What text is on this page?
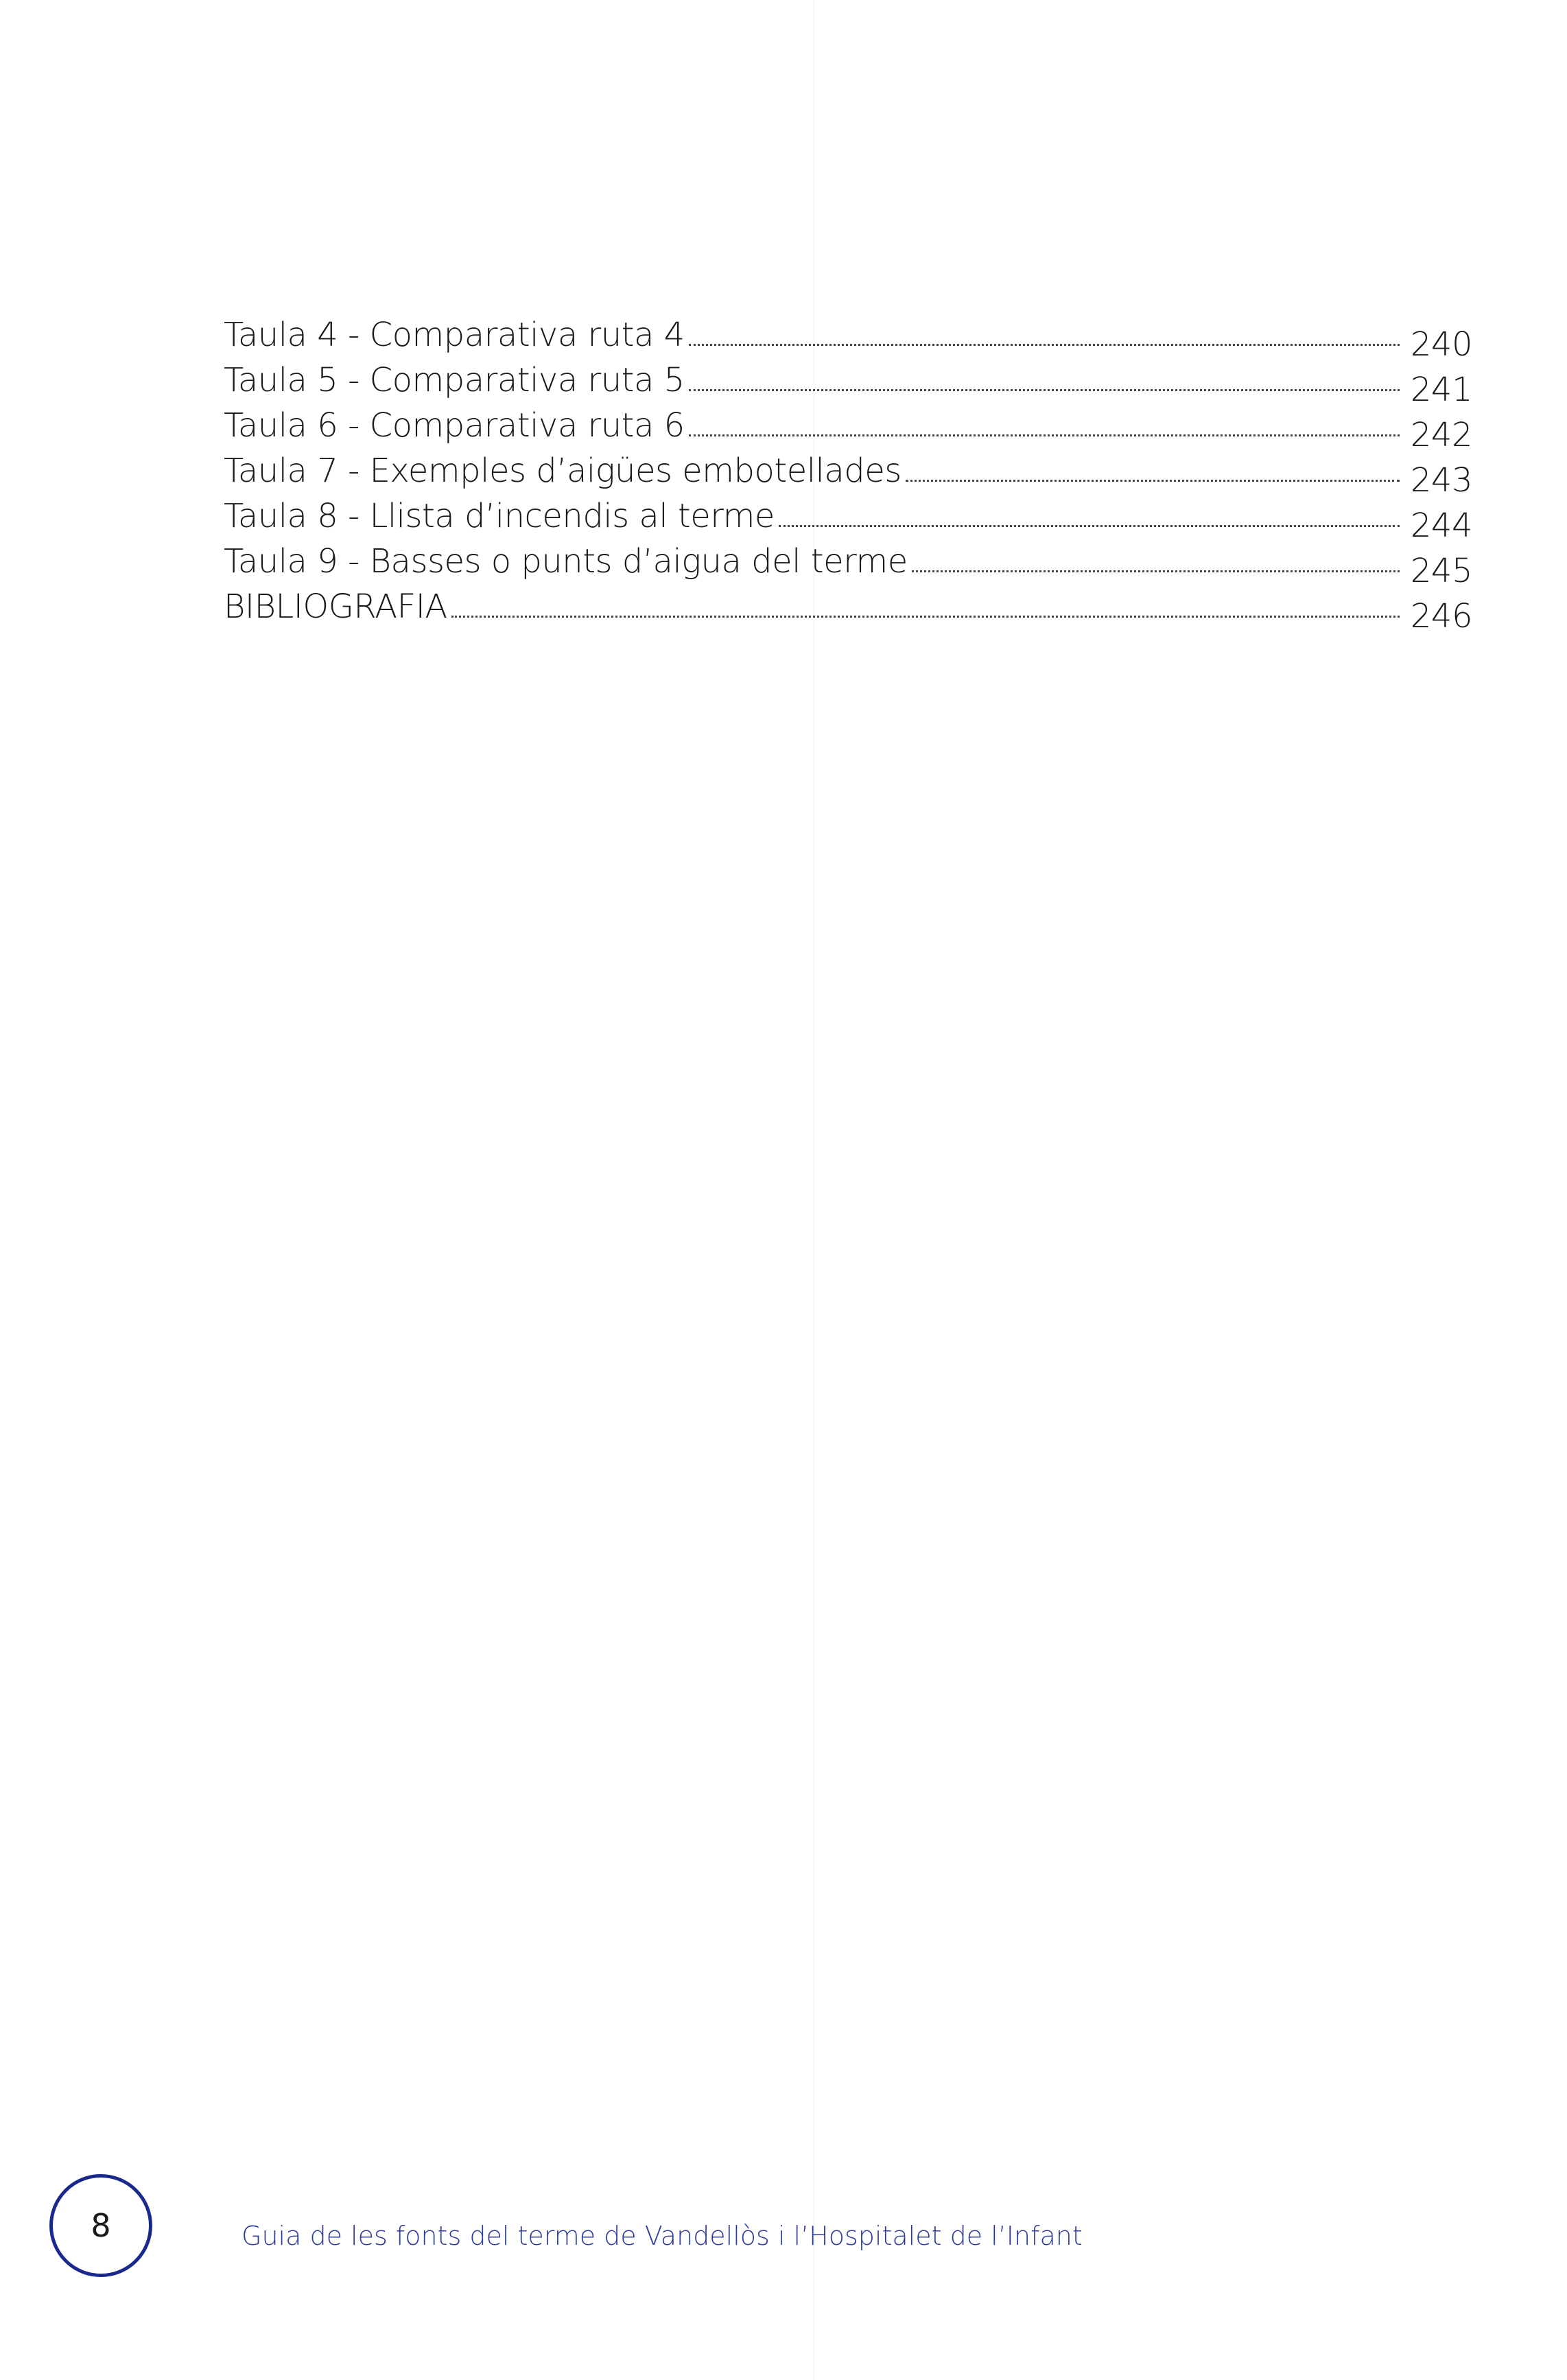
Taula 4 - Comparativa ruta 4	240
Taula 5 - Comparativa ruta 5	241
Taula 6 - Comparativa ruta 6	242
Taula 7 - Exemples d’aigües embotellades	243
Taula 8 - Llista d’incendis al terme	244
Taula 9 - Basses o punts d’aigua del terme	245
BIBLIOGRAFIA	246
8	Guia de les fonts del terme de Vandellòs i l’Hospitalet de l’Infant
